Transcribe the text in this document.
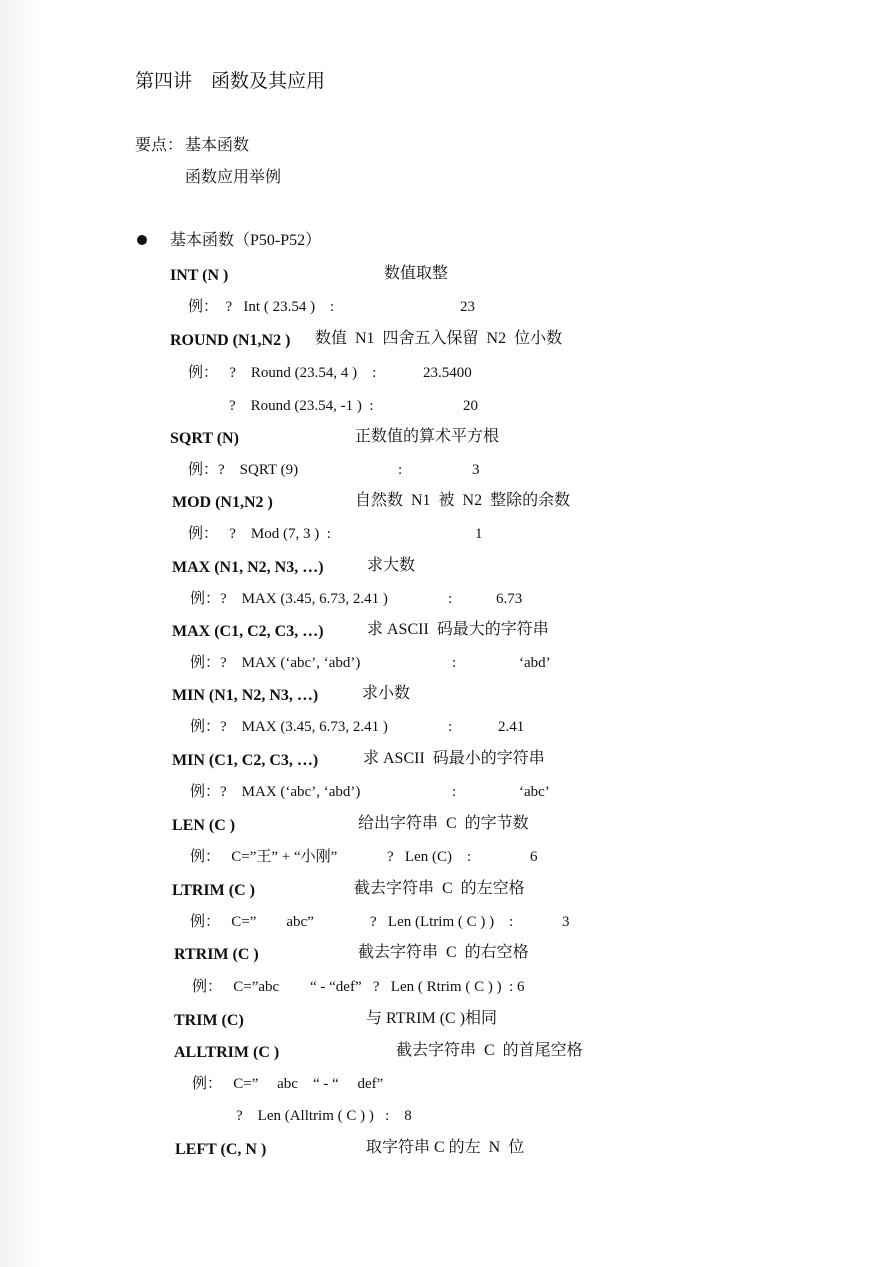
第四讲    函数及其应用
要点： 基本函数
函数应用举例
基本函数（P50-P52）
INT (N )	数值取整
例：  ?   Int ( 23.54 )    :	23
ROUND (N1,N2 ) 数值  N1  四舍五入保留  N2  位小数
例：   ?    Round (23.54, 4 )    :	23.5400
?    Round (23.54, -1 )  :	20
SQRT (N)	正数值的算术平方根
例：?    SQRT (9)	:	3
MOD (N1,N2 )	自然数  N1  被  N2  整除的余数
例：   ?    Mod (7, 3 )  :	1
MAX (N1, N2, N3, …)	求大数
例：?    MAX (3.45, 6.73, 2.41 )	:	6.73
MAX (C1, C2, C3, …)	求 ASCII  码最大的字符串
例：?    MAX (‘abc’, ‘abd’)	:	‘abd’
MIN (N1, N2, N3, …)	求小数
例：?    MAX (3.45, 6.73, 2.41 )	:	2.41
MIN (C1, C2, C3, …)	求 ASCII  码最小的字符串
例：?    MAX (‘abc’, ‘abd’)	:	‘abc’
LEN (C )	给出字符串  C  的字节数
例：   C=”王” + “小刚”	?   Len (C)    :	6
LTRIM (C )	截去字符串  C  的左空格
例：   C=”        abc”	?   Len (Ltrim ( C ) )    :	3
RTRIM (C )	截去字符串  C  的右空格
例：   C=”abc “ - “def”   ?   Len ( Rtrim ( C ) )  : 6
TRIM (C)	与 RTRIM (C )相同
ALLTRIM (C )	截去字符串  C  的首尾空格
例：   C=”     abc    “ - “     def”
?    Len (Alltrim ( C ) )   :    8
LEFT (C, N )	取字符串 C 的左  N  位
